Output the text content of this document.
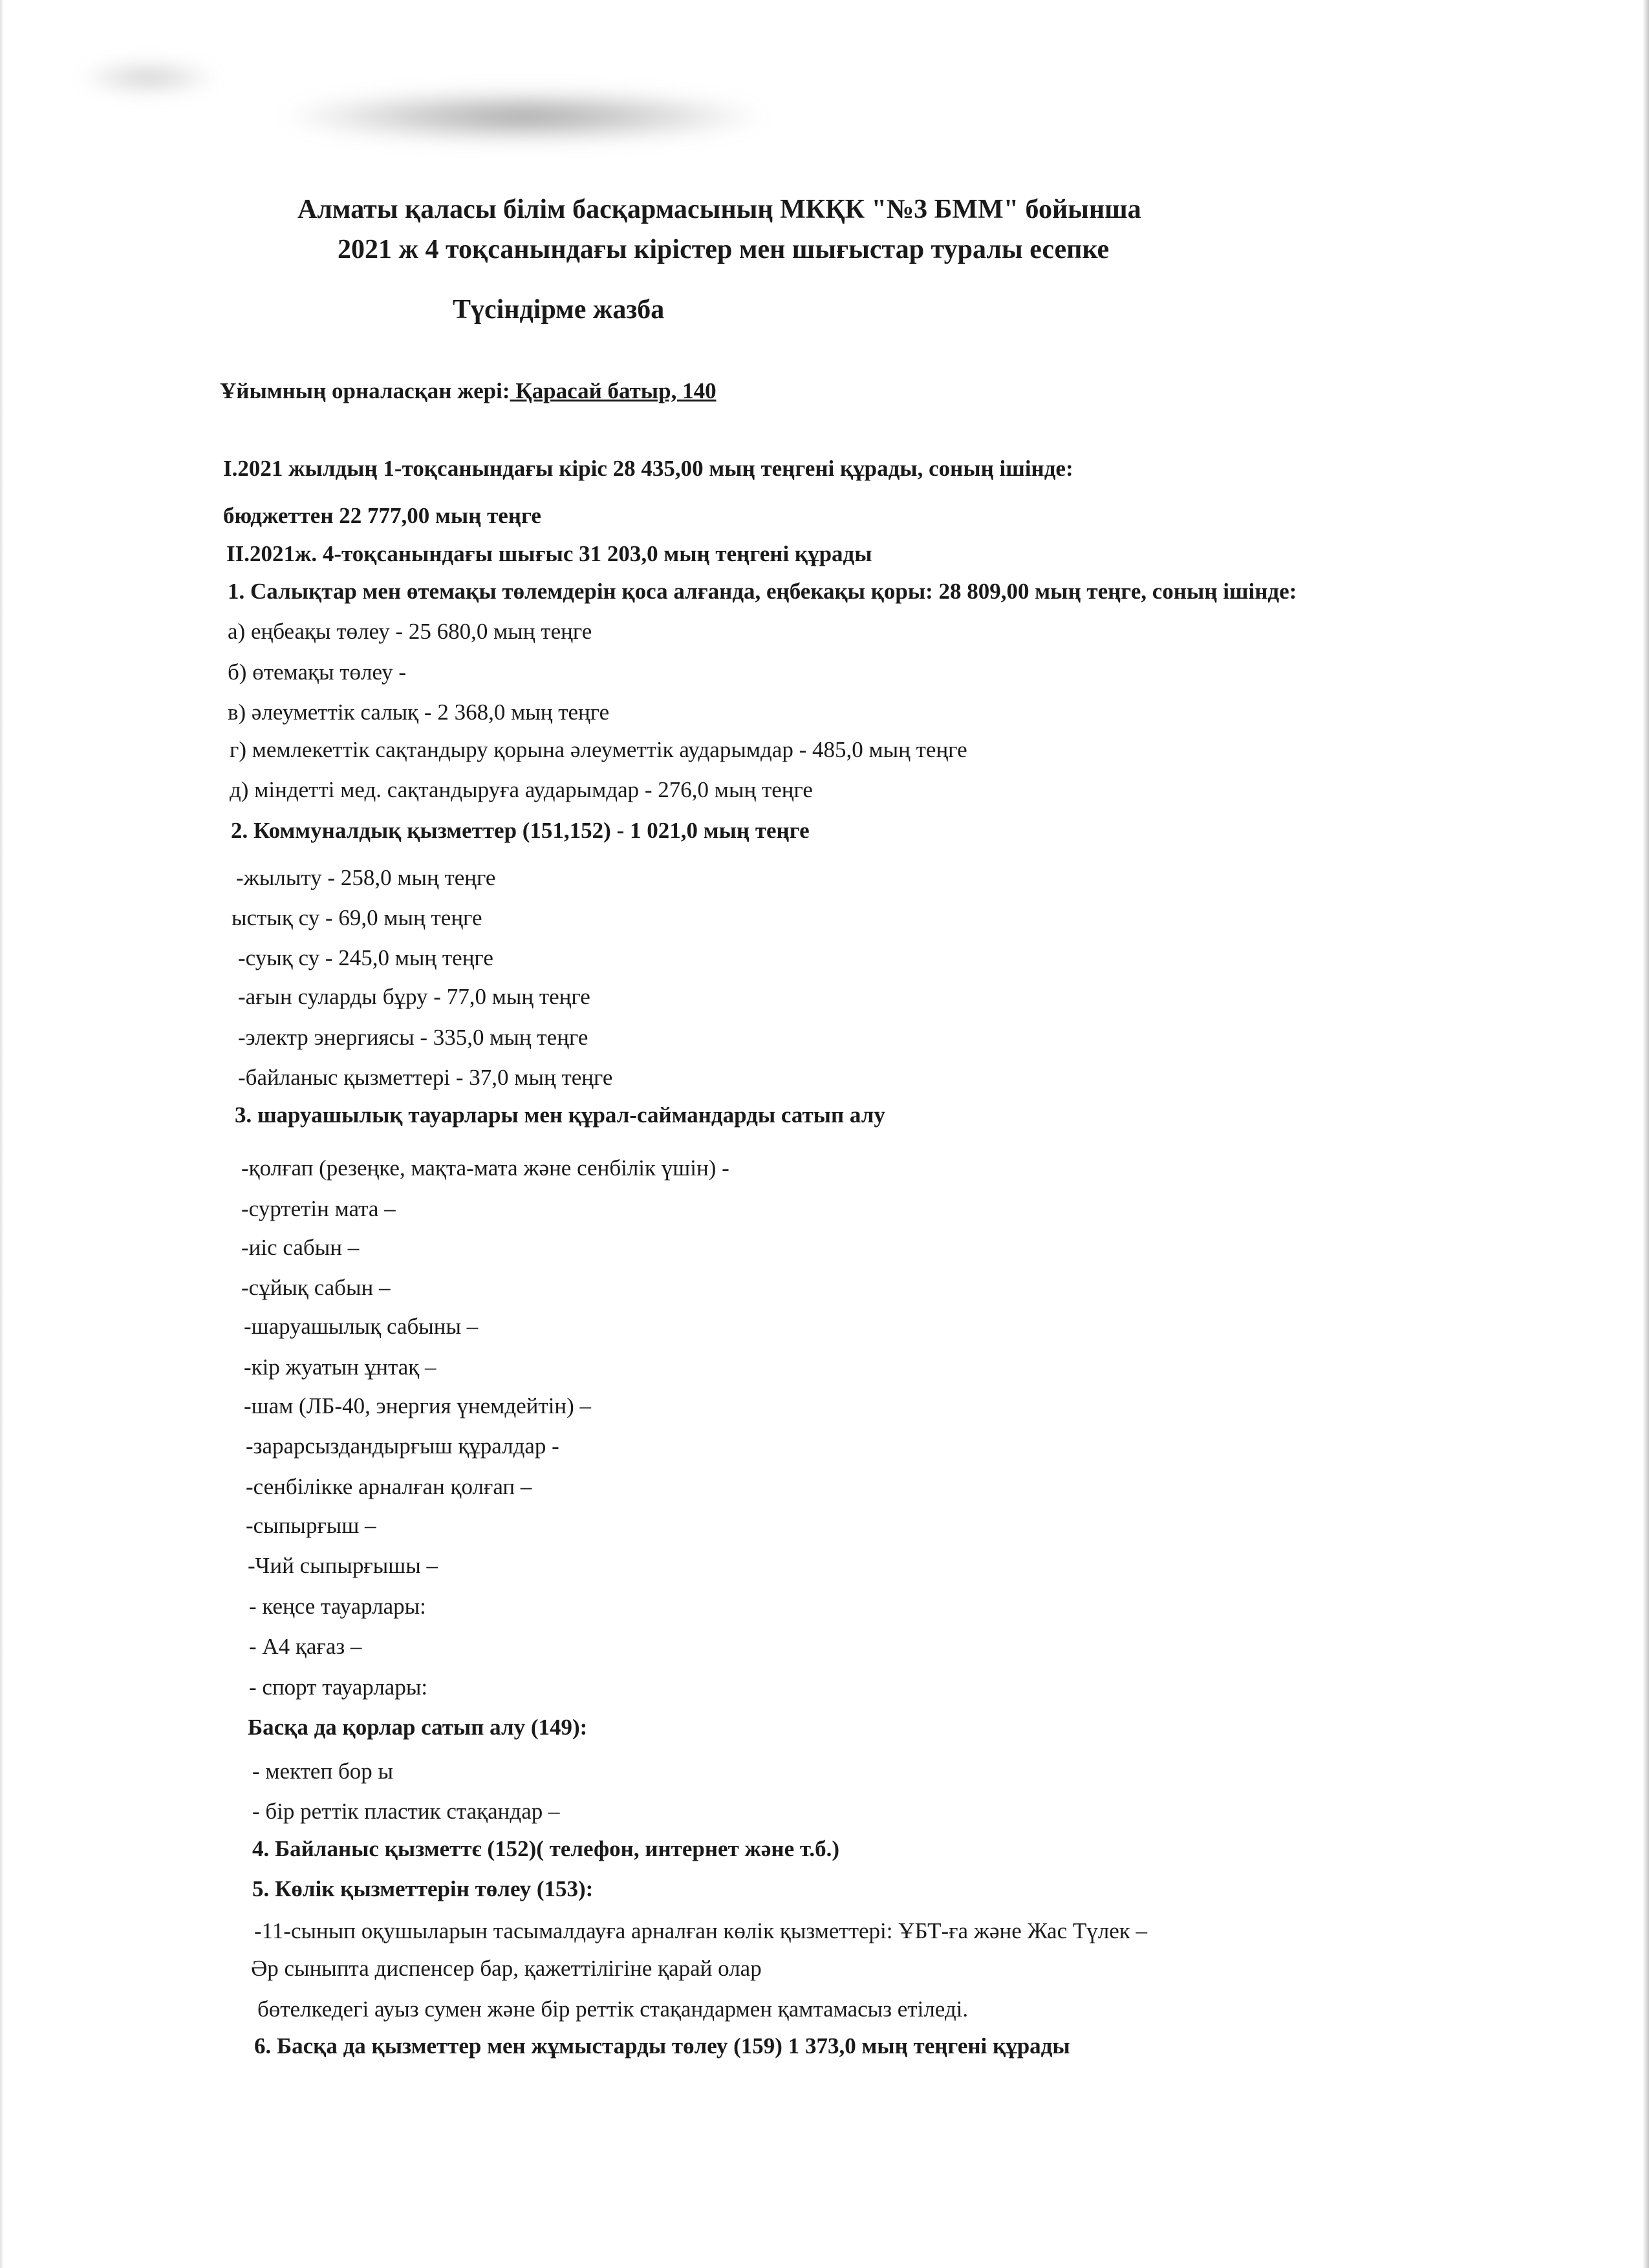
Алматы қаласы білім басқармасының МКҚК "№3 БММ" бойынша
2021 ж 4 тоқсанындағы кірістер мен шығыстар туралы есепке
Түсіндірме жазба
Ұйымның орналасқан жері: Қарасай батыр, 140
I.2021 жылдың 1-тоқсанындағы кіріс 28 435,00 мың теңгені құрады, соның ішінде:
бюджеттен 22 777,00 мың теңге
II.2021ж. 4-тоқсанындағы шығыс 31 203,0 мың теңгені құрады
1. Салықтар мен өтемақы төлемдерін қоса алғанда, еңбекақы қоры: 28 809,00 мың теңге, соның ішінде:
а) еңбеақы төлеу - 25 680,0 мың теңге
б) өтемақы төлеу -
в) әлеуметтік салық - 2 368,0 мың теңге
г) мемлекеттік сақтандыру қорына әлеуметтік аударымдар - 485,0 мың теңге
д) міндетті мед. сақтандыруға аударымдар - 276,0 мың теңге
2. Коммуналдық қызметтер (151,152) - 1 021,0 мың теңге
-жылыту - 258,0 мың теңге
ыстық су - 69,0 мың теңге
-суық су - 245,0 мың теңге
-ағын суларды бұру - 77,0 мың теңге
-электр энергиясы - 335,0 мың теңге
-байланыс қызметтері - 37,0 мың теңге
3. шаруашылық тауарлары мен құрал-саймандарды сатып алу
-қолғап (резеңке, мақта-мата және сенбілік үшін) -
-суртетін мата –
-иіс сабын –
-сұйық сабын –
-шаруашылық сабыны –
-кір жуатын ұнтақ –
-шам (ЛБ-40, энергия үнемдейтін) –
-зарарсыздандырғыш құралдар -
-сенбілікке арналған қолғап –
-сыпырғыш –
-Чий сыпырғышы –
- кеңсе тауарлары:
- А4 қағаз –
- спорт тауарлары:
Басқа да қорлар сатып алу (149):
- мектеп бор ы
- бір реттік пластик стақандар –
4. Байланыс қызметтє (152)( телефон, интернет және т.б.)
5. Көлік қызметтерін төлеу (153):
-11-сынып оқушыларын тасымалдауға арналған көлік қызметтері: ҰБТ-ға және Жас Түлек –
Әр сыныпта диспенсер бар, қажеттілігіне қарай олар
бөтелкедегі ауыз сумен және бір реттік стақандармен қамтамасыз етіледі.
6. Басқа да қызметтер мен жұмыстарды төлеу (159) 1 373,0 мың теңгені құрады
